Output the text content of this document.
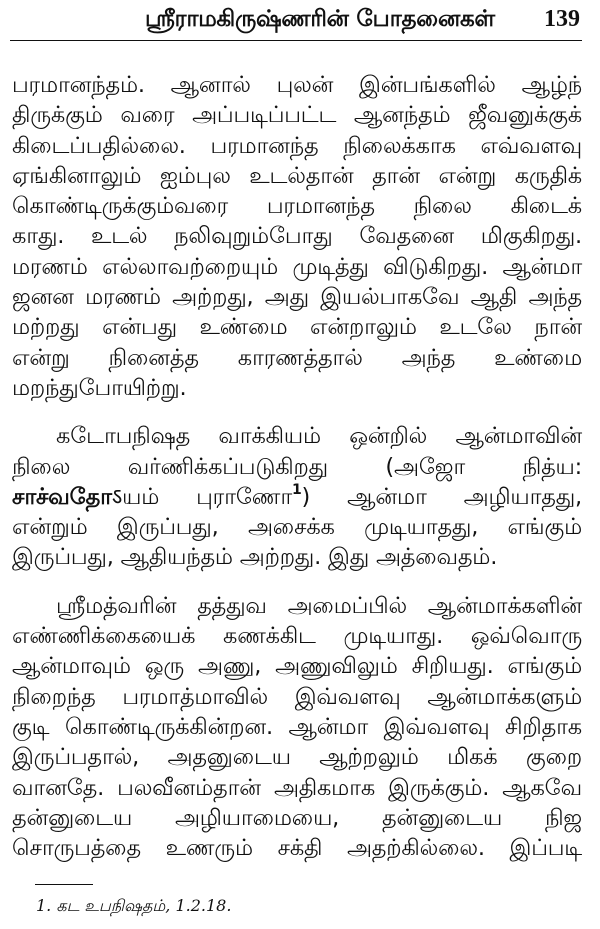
ஸ்ரீராமகிருஷ்ணரின் போதனைகள் 139
பரமானந்தம். ஆனால் புலன் இன்பங்களில் ஆழ்ந்
திருக்கும் வரை அப்படிப்பட்ட ஆனந்தம் ஜீவனுக்குக்
கிடைப்பதில்லை. பரமானந்த நிலைக்காக எவ்வளவு
ஏங்கினாலும் ஐம்புல உடல்தான் தான் என்று கருதிக்
கொண்டிருக்கும்வரை பரமானந்த நிலை கிடைக்
காது. உடல் நலிவுறும்போது வேதனை மிகுகிறது.
மரணம் எல்லாவற்றையும் முடித்து விடுகிறது. ஆன்மா
ஜனன மரணம் அற்றது, அது இயல்பாகவே ஆதி அந்த
மற்றது என்பது உண்மை என்றாலும் உடலே நான்
என்று நினைத்த காரணத்தால் அந்த உண்மை
மறந்துபோயிற்று.
கடோபநிஷத வாக்கியம் ஒன்றில் ஆன்மாவின்
நிலை வர்ணிக்கப்படுகிறது (அஜோ நித்ய:
சாச்வதோऽயம் புராணோ$^1$) ஆன்மா அழியாதது,
என்றும் இருப்பது, அசைக்க முடியாதது, எங்கும்
இருப்பது, ஆதியந்தம் அற்றது. இது அத்வைதம்.
ஸ்ரீமத்வரின் தத்துவ அமைப்பில் ஆன்மாக்களின்
எண்ணிக்கையைக் கணக்கிட முடியாது. ஒவ்வொரு
ஆன்மாவும் ஒரு அணு, அணுவிலும் சிறியது. எங்கும்
நிறைந்த பரமாத்மாவில் இவ்வளவு ஆன்மாக்களும்
குடி கொண்டிருக்கின்றன. ஆன்மா இவ்வளவு சிறிதாக
இருப்பதால், அதனுடைய ஆற்றலும் மிகக் குறை
வானதே. பலவீனம்தான் அதிகமாக இருக்கும். ஆகவே
தன்னுடைய அழியாமையை, தன்னுடைய நிஜ
சொருபத்தை உணரும் சக்தி அதற்கில்லை. இப்படி
1. கட உபநிஷதம், 1.2.18.
